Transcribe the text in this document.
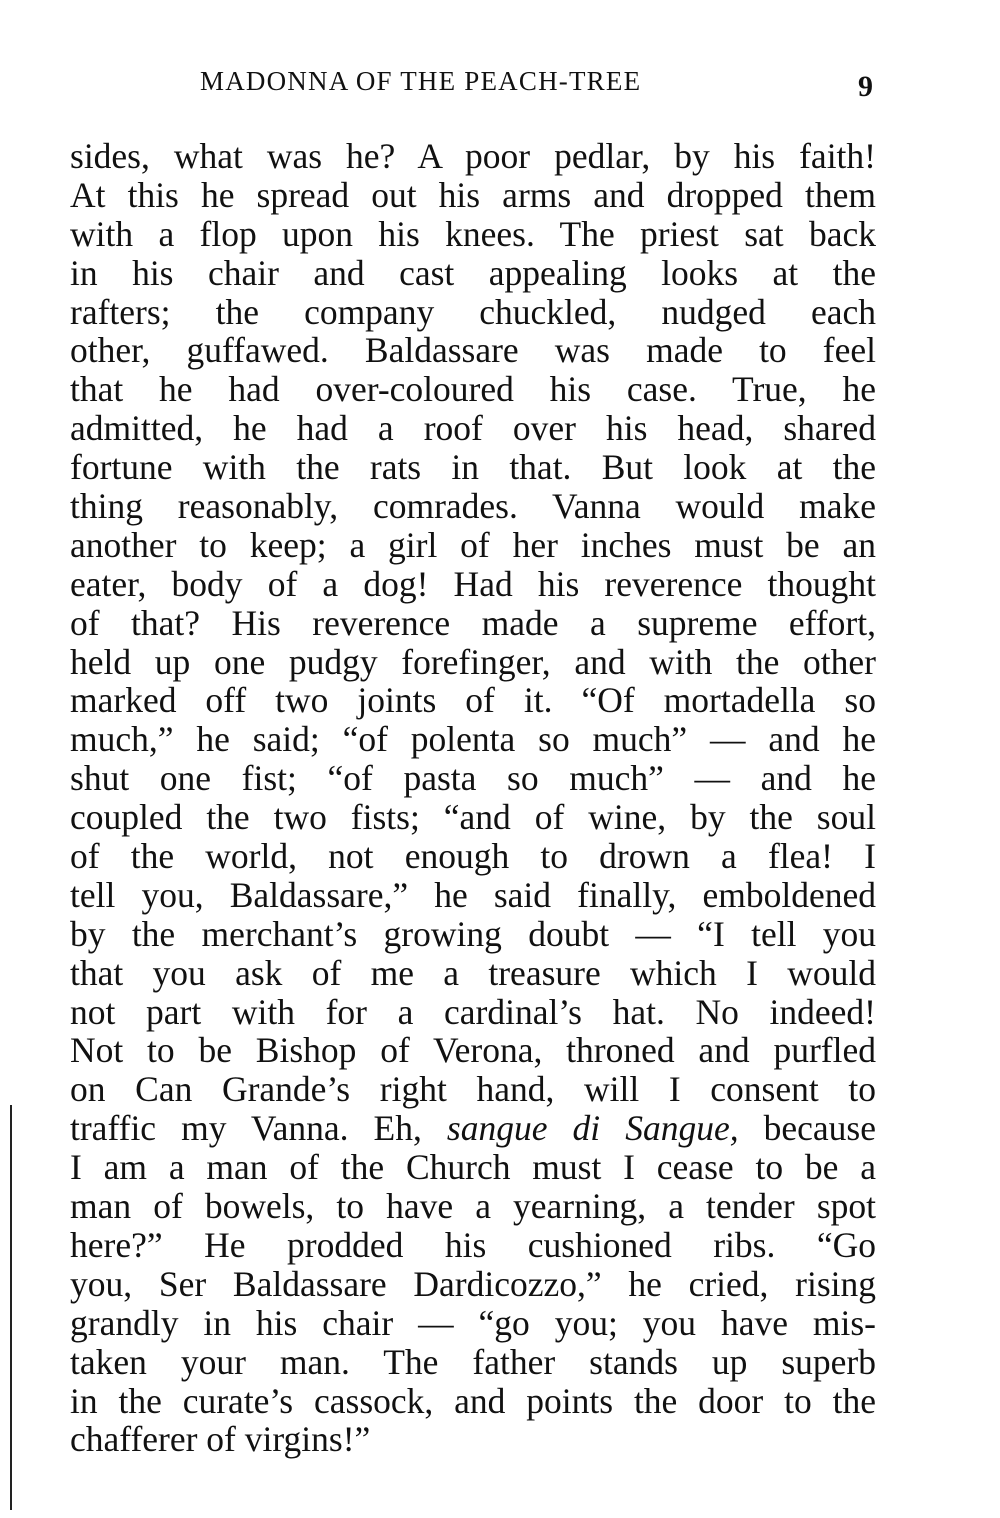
MADONNA OF THE PEACH-TREE	9
sides, what was he? A poor pedlar, by his faith!
At this he spread out his arms and dropped them
with a flop upon his knees. The priest sat back
in his chair and cast appealing looks at the
rafters; the company chuckled, nudged each
other, guffawed. Baldassare was made to feel
that he had over-coloured his case. True, he
admitted, he had a roof over his head, shared
fortune with the rats in that. But look at the
thing reasonably, comrades. Vanna would make
another to keep; a girl of her inches must be an
eater, body of a dog! Had his reverence thought
of that? His reverence made a supreme effort,
held up one pudgy forefinger, and with the other
marked off two joints of it. “Of mortadella so
much,” he said; “of polenta so much” — and he
shut one fist; “of pasta so much” — and he
coupled the two fists; “and of wine, by the soul
of the world, not enough to drown a flea! I
tell you, Baldassare,” he said finally, emboldened
by the merchant’s growing doubt — “I tell you
that you ask of me a treasure which I would
not part with for a cardinal’s hat. No indeed!
Not to be Bishop of Verona, throned and purfled
on Can Grande’s right hand, will I consent to
traffic my Vanna. Eh, sangue di Sangue, because
I am a man of the Church must I cease to be a
man of bowels, to have a yearning, a tender spot
here?” He prodded his cushioned ribs. “Go
you, Ser Baldassare Dardicozzo,” he cried, rising
grandly in his chair — “go you; you have mis-
taken your man. The father stands up superb
in the curate’s cassock, and points the door to the
chafferer of virgins!”
